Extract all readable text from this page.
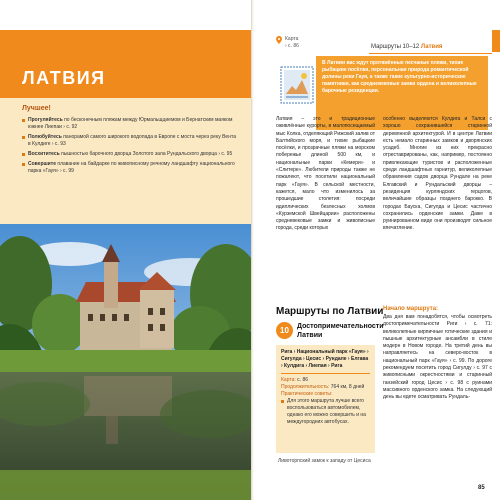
ЛАТВИЯ
Лучшее!
Прогуляйтесь по бесконечным пляжам между Юрмальщциемом и Бернатским маяком южнее Лиепаи › с. 92
Полюбуйтесь панорамой самого широкого водопада в Европе с моста через реку Вента в Кулдиге › с. 93
Восхититесь пышностью барочного дворца Золотого зала Рундальского дворца › с. 95
Совершите плавание на байдарке по живописному речному ландшафту национального парка «Гауя» › с. 99
Карта
› с. 86	Маршруты 10–12 Латвия

В Латвии вас ждут протяжённые песчаные пляжи, тихие рыбацкие посёлки, персональная природа романтической долины реки Гауя, а также такие культурно-исторические памятники, как средневековые замки ордена и великолепные барочные резиденции.

Латвия – это и традиционные оживлённые курорты, в малопосещаемый мыс Колка, отделяющий Рижский залив от Балтийского моря, и тихие рыбацкие посёлки, и прозрачные пляжи на морском побережье длиной 500 км, и национальные парки «Кемери» и «Слитере». Любители природы также не пожалеют, что посетили национальный парк «Гауя». В сельской местности, кажется, мало что изменилось за прошедшие столетия: посреди идиллических безлесных холмов «Курземской Швейцарии» расположены средневековые замки и живописные города, среди которых
особенно выделяются Кулдига и Талси с хорошо сохранившейся старинной деревянной архитектурой. И в центре Латвии есть немало старинных замков и дворянских усадеб. Многие из них прекрасно отреставрированы, как, например, постоянно привлекающие туристов и расположенные среди ландшафтных гарнитур, великолепные обрамления садов дворца Рундале на реке Елгавский и Рундальский дворцы – резиденция курляндских герцогов, величайшие образцы позднего барокко. В городах Бауска, Сигулда и Цесис частично сохранились орденские замки. Даже в руинированном виде они производят сильное впечатление.
Маршруты по Латвии
10	Достопримечательности Латвии
Рига › Национальный парк «Гауя» › Сигулда › Цесис › Рундале › Елгава › Кулдига › Лиепая › Рига
Карта: с. 86
Продолжительность: 764 км, 8 дней
Практические советы:
Для этого маршрута лучше всего воспользоваться автомобилем, однако его можно совершить и на междугородних автобусах.
Ливоторпский замок к западу от Цесиса
Начало маршрута:
Два дня вам понадобятся, чтобы осмотреть достопримечательности Риги › с. 71: великолепные кирпичные готические здания и пышные архитектурные ансамбли в стиле модерн в Новом городе. На третий день вы направляетесь на северо-восток в национальный парк «Гауя» › с. 99. По дороге рекомендуем посетить город Сигулду › с. 97 с живописными окрестностями и старинный ганзейский город Цесис › с. 98 с руинами массивного орденского замка. На следующий день вы едете осматривать Рундаль-
85
